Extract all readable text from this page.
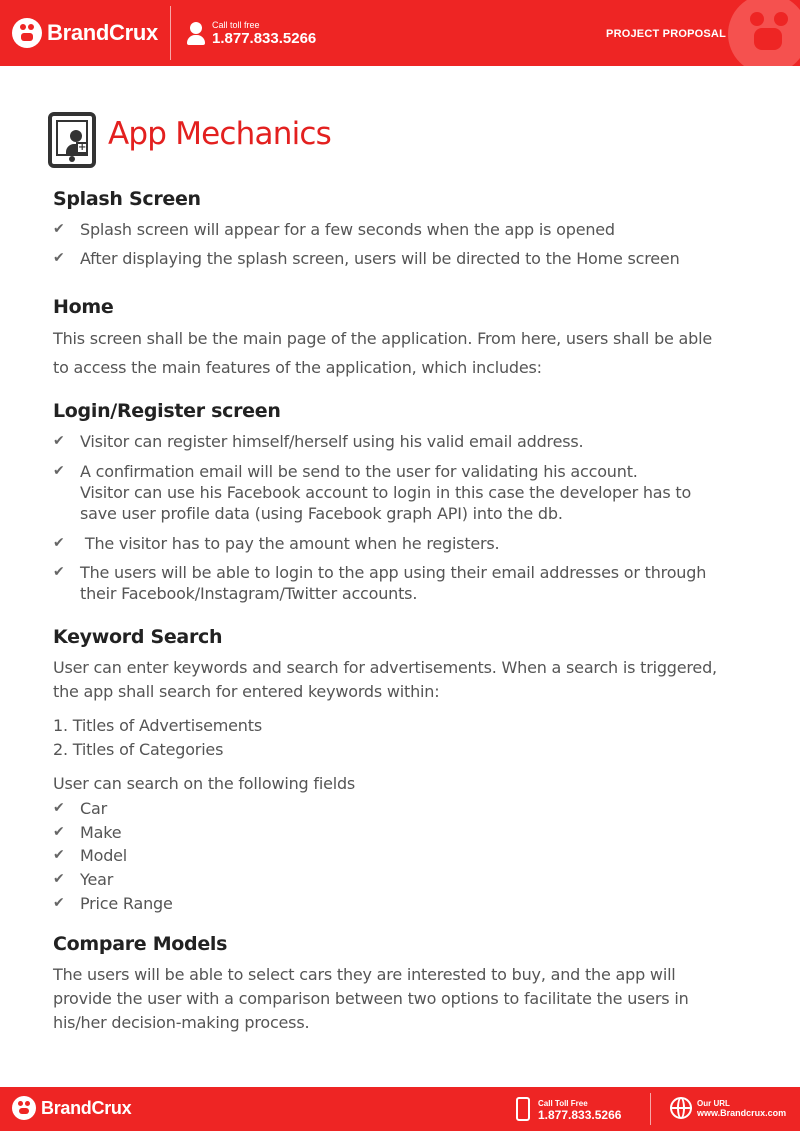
BrandCrux	Call toll free
1.877.833.5266	PROJECT PROPOSAL
+ App Mechanics
Splash Screen
✔ Splash screen will appear for a few seconds when the app is opened
✔ After displaying the splash screen, users will be directed to the Home screen
Home
This screen shall be the main page of the application. From here, users shall be able
to access the main features of the application, which includes:
Login/Register screen
✔ Visitor can register himself/herself using his valid email address.
✔ A confirmation email will be send to the user for validating his account.
Visitor can use his Facebook account to login in this case the developer has to
save user profile data (using Facebook graph API) into the db.
✔ The visitor has to pay the amount when he registers.
✔ The users will be able to login to the app using their email addresses or through
their Facebook/Instagram/Twitter accounts.
Keyword Search
User can enter keywords and search for advertisements. When a search is triggered,
the app shall search for entered keywords within:
1. Titles of Advertisements
2. Titles of Categories
User can search on the following fields
✔ Car
✔ Make
✔ Model
✔ Year
✔ Price Range
Compare Models
The users will be able to select cars they are interested to buy, and the app will
provide the user with a comparison between two options to facilitate the users in
his/her decision-making process.
BrandCrux	Call Toll Free
1.877.833.5266
Our URL
www.Brandcrux.com
